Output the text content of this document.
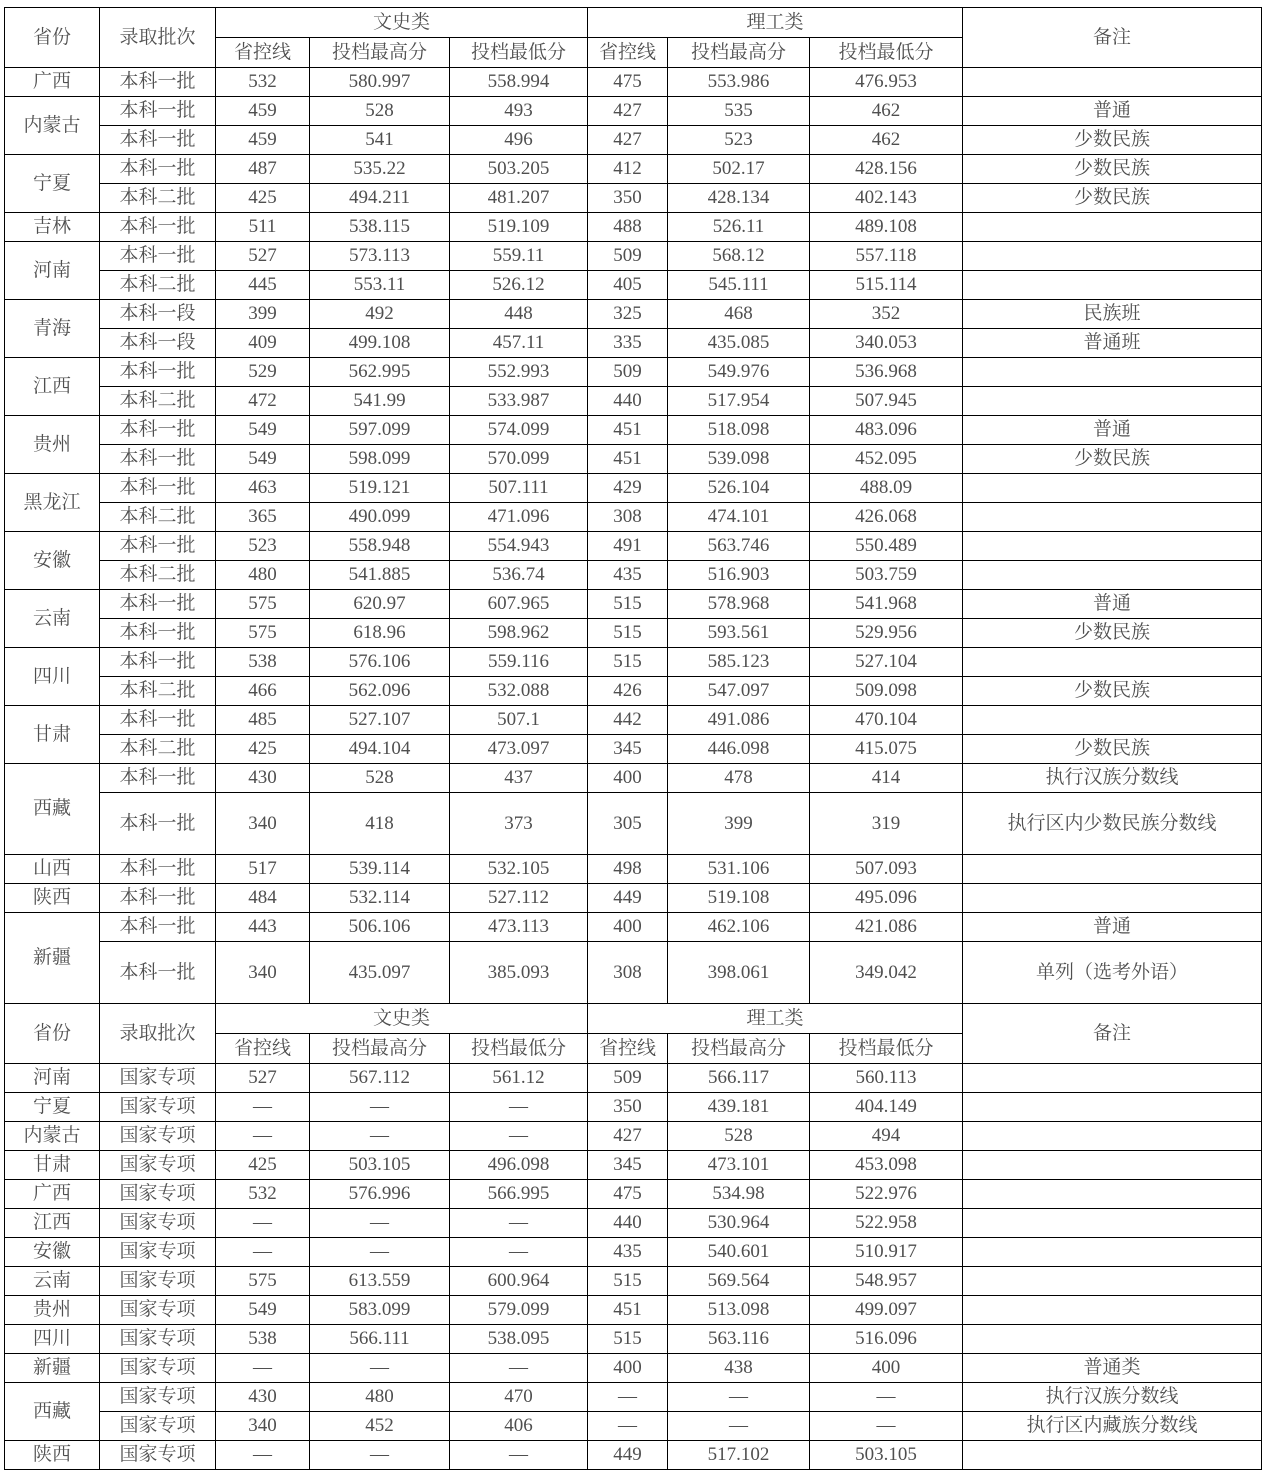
省份	录取批次	文史类			理工类			备注
		省控线	投档最高分	投档最低分	省控线	投档最高分	投档最低分	
广西	本科一批	532	580.997	558.994	475	553.986	476.953	
内蒙古	本科一批	459	528	493	427	535	462	普通
	本科一批	459	541	496	427	523	462	少数民族
宁夏	本科一批	487	535.22	503.205	412	502.17	428.156	少数民族
	本科二批	425	494.211	481.207	350	428.134	402.143	少数民族
吉林	本科一批	511	538.115	519.109	488	526.11	489.108	
河南	本科一批	527	573.113	559.11	509	568.12	557.118	
	本科二批	445	553.11	526.12	405	545.111	515.114	
青海	本科一段	399	492	448	325	468	352	民族班
	本科一段	409	499.108	457.11	335	435.085	340.053	普通班
江西	本科一批	529	562.995	552.993	509	549.976	536.968	
	本科二批	472	541.99	533.987	440	517.954	507.945	
贵州	本科一批	549	597.099	574.099	451	518.098	483.096	普通
	本科一批	549	598.099	570.099	451	539.098	452.095	少数民族
黑龙江	本科一批	463	519.121	507.111	429	526.104	488.09	
	本科二批	365	490.099	471.096	308	474.101	426.068	
安徽	本科一批	523	558.948	554.943	491	563.746	550.489	
	本科二批	480	541.885	536.74	435	516.903	503.759	
云南	本科一批	575	620.97	607.965	515	578.968	541.968	普通
	本科一批	575	618.96	598.962	515	593.561	529.956	少数民族
四川	本科一批	538	576.106	559.116	515	585.123	527.104	
	本科二批	466	562.096	532.088	426	547.097	509.098	少数民族
甘肃	本科一批	485	527.107	507.1	442	491.086	470.104	
	本科二批	425	494.104	473.097	345	446.098	415.075	少数民族
西藏	本科一批	430	528	437	400	478	414	执行汉族分数线
	本科一批	340	418	373	305	399	319	执行区内少数民族分数线
山西	本科一批	517	539.114	532.105	498	531.106	507.093	
陕西	本科一批	484	532.114	527.112	449	519.108	495.096	
新疆	本科一批	443	506.106	473.113	400	462.106	421.086	普通
	本科一批	340	435.097	385.093	308	398.061	349.042	单列（选考外语）
省份	录取批次	文史类			理工类			备注
		省控线	投档最高分	投档最低分	省控线	投档最高分	投档最低分	
河南	国家专项	527	567.112	561.12	509	566.117	560.113	
宁夏	国家专项	—	—	—	350	439.181	404.149	
内蒙古	国家专项	—	—	—	427	528	494	
甘肃	国家专项	425	503.105	496.098	345	473.101	453.098	
广西	国家专项	532	576.996	566.995	475	534.98	522.976	
江西	国家专项	—	—	—	440	530.964	522.958	
安徽	国家专项	—	—	—	435	540.601	510.917	
云南	国家专项	575	613.559	600.964	515	569.564	548.957	
贵州	国家专项	549	583.099	579.099	451	513.098	499.097	
四川	国家专项	538	566.111	538.095	515	563.116	516.096	
新疆	国家专项	—	—	—	400	438	400	普通类
西藏	国家专项	430	480	470	—	—	—	执行汉族分数线
	国家专项	340	452	406	—	—	—	执行区内藏族分数线
陕西	国家专项	—	—	—	449	517.102	503.105	
